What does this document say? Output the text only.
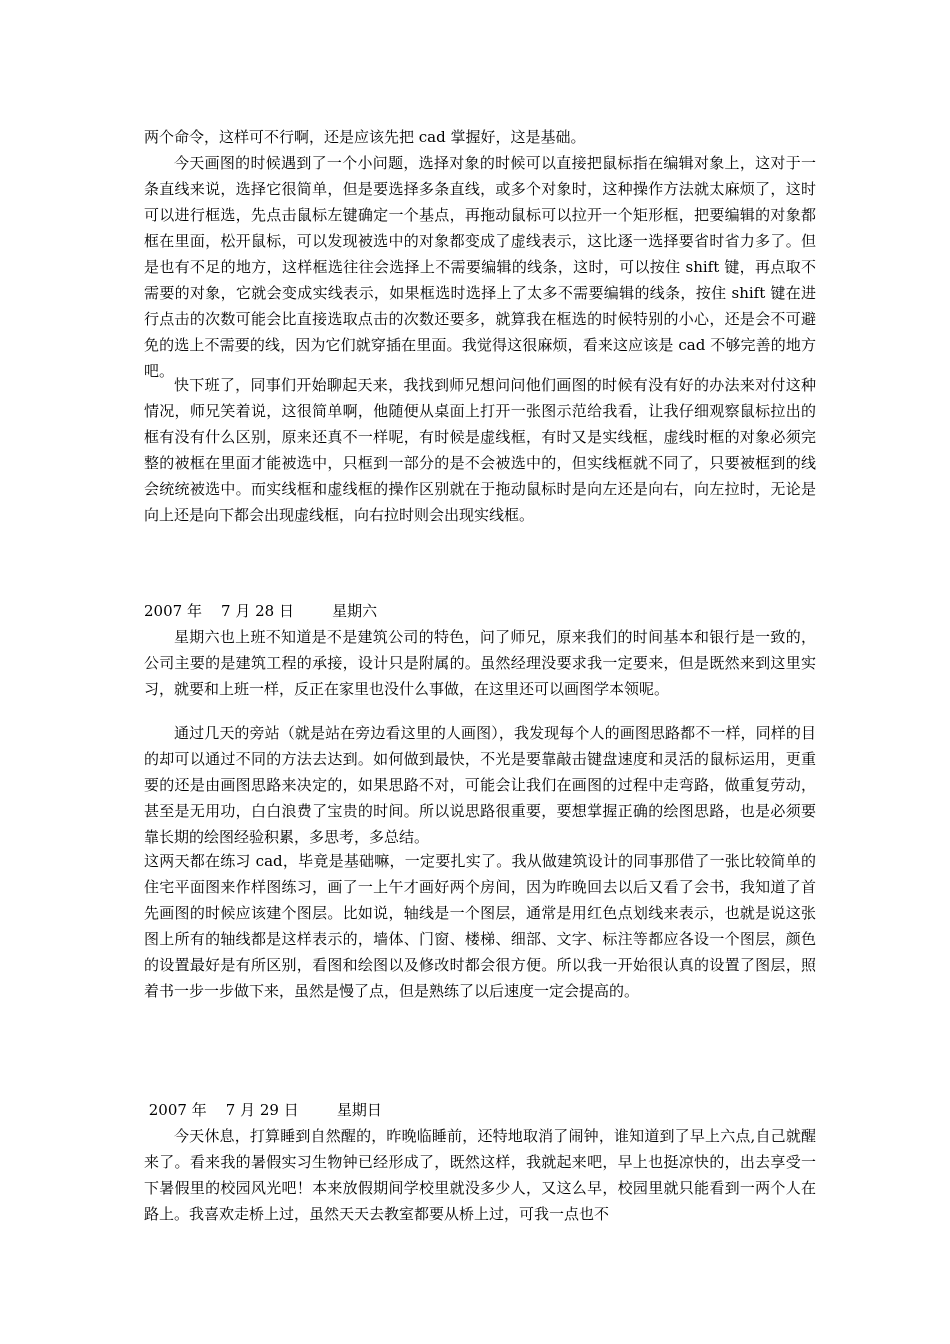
两个命令，这样可不行啊，还是应该先把 cad 掌握好，这是基础。

今天画图的时候遇到了一个小问题，选择对象的时候可以直接把鼠标指在编辑对象上，这对于一条直线来说，选择它很简单，但是要选择多条直线，或多个对象时，这种操作方法就太麻烦了，这时可以进行框选，先点击鼠标左键确定一个基点，再拖动鼠标可以拉开一个矩形框，把要编辑的对象都框在里面，松开鼠标，可以发现被选中的对象都变成了虚线表示，这比逐一选择要省时省力多了。但是也有不足的地方，这样框选往往会选择上不需要编辑的线条，这时，可以按住 shift 键，再点取不需要的对象，它就会变成实线表示，如果框选时选择上了太多不需要编辑的线条，按住 shift 键在进行点击的次数可能会比直接选取点击的次数还要多，就算我在框选的时候特别的小心，还是会不可避免的选上不需要的线，因为它们就穿插在里面。我觉得这很麻烦，看来这应该是 cad 不够完善的地方吧。

快下班了，同事们开始聊起天来，我找到师兄想问问他们画图的时候有没有好的办法来对付这种情况，师兄笑着说，这很简单啊，他随便从桌面上打开一张图示范给我看，让我仔细观察鼠标拉出的框有没有什么区别，原来还真不一样呢，有时候是虚线框，有时又是实线框，虚线时框的对象必须完整的被框在里面才能被选中，只框到一部分的是不会被选中的，但实线框就不同了，只要被框到的线会统统被选中。而实线框和虚线框的操作区别就在于拖动鼠标时是向左还是向右，向左拉时，无论是向上还是向下都会出现虚线框，向右拉时则会出现实线框。

2007 年    7 月 28 日        星期六

星期六也上班不知道是不是建筑公司的特色，问了师兄，原来我们的时间基本和银行是一致的，公司主要的是建筑工程的承接，设计只是附属的。虽然经理没要求我一定要来，但是既然来到这里实习，就要和上班一样，反正在家里也没什么事做，在这里还可以画图学本领呢。

通过几天的旁站（就是站在旁边看这里的人画图），我发现每个人的画图思路都不一样，同样的目的却可以通过不同的方法去达到。如何做到最快，不光是要靠敲击键盘速度和灵活的鼠标运用，更重要的还是由画图思路来决定的，如果思路不对，可能会让我们在画图的过程中走弯路，做重复劳动，甚至是无用功，白白浪费了宝贵的时间。所以说思路很重要，要想掌握正确的绘图思路，也是必须要靠长期的绘图经验积累，多思考，多总结。

这两天都在练习 cad，毕竟是基础嘛，一定要扎实了。我从做建筑设计的同事那借了一张比较简单的住宅平面图来作样图练习，画了一上午才画好两个房间，因为昨晚回去以后又看了会书，我知道了首先画图的时候应该建个图层。比如说，轴线是一个图层，通常是用红色点划线来表示，也就是说这张图上所有的轴线都是这样表示的，墙体、门窗、楼梯、细部、文字、标注等都应各设一个图层，颜色的设置最好是有所区别，看图和绘图以及修改时都会很方便。所以我一开始很认真的设置了图层，照着书一步一步做下来，虽然是慢了点，但是熟练了以后速度一定会提高的。

2007 年    7 月 29 日        星期日

今天休息，打算睡到自然醒的，昨晚临睡前，还特地取消了闹钟，谁知道到了早上六点,自己就醒来了。看来我的暑假实习生物钟已经形成了，既然这样，我就起来吧，早上也挺凉快的，出去享受一下暑假里的校园风光吧！本来放假期间学校里就没多少人，又这么早，校园里就只能看到一两个人在路上。我喜欢走桥上过，虽然天天去教室都要从桥上过，可我一点也不
